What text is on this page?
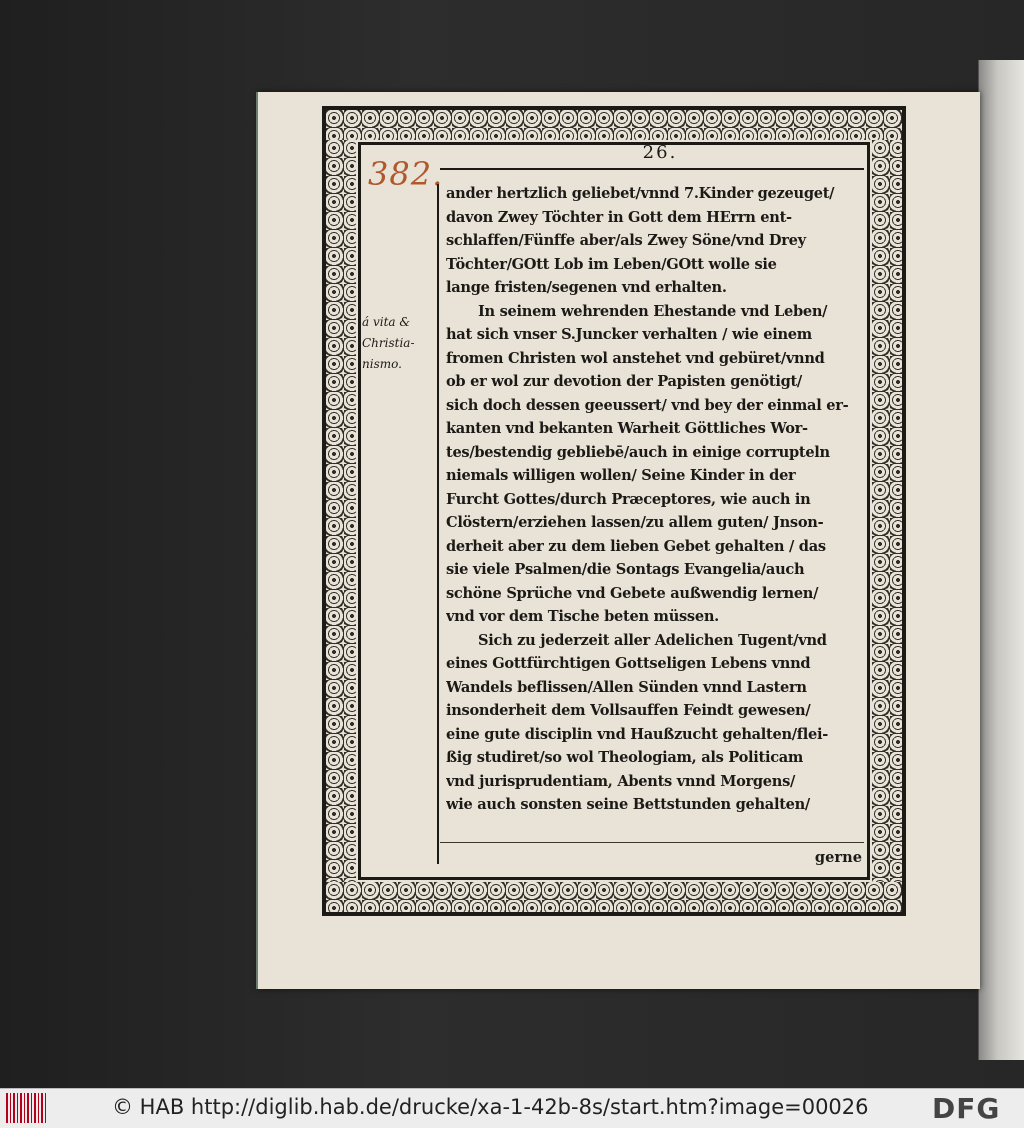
26.
382.
á vita &
Christia-
nismo.
ander hertzlich geliebet/vnnd 7.Kinder gezeuget/
davon Zwey Töchter in Gott dem HErrn ent-
schlaffen/Fünffe aber/als Zwey Söne/vnd Drey
Töchter/GOtt Lob im Leben/GOtt wolle sie
lange fristen/segenen vnd erhalten.
In seinem wehrenden Ehestande vnd Leben/
hat sich vnser S.Juncker verhalten / wie einem
fromen Christen wol anstehet vnd gebüret/vnnd
ob er wol zur devotion der Papisten genötigt/
sich doch dessen geeussert/ vnd bey der einmal er-
kanten vnd bekanten Warheit Göttliches Wor-
tes/bestendig gebliebē/auch in einige corrupteln
niemals willigen wollen/ Seine Kinder in der
Furcht Gottes/durch Præceptores, wie auch in
Clöstern/erziehen lassen/zu allem guten/ Jnson-
derheit aber zu dem lieben Gebet gehalten / das
sie viele Psalmen/die Sontags Evangelia/auch
schöne Sprüche vnd Gebete außwendig lernen/
vnd vor dem Tische beten müssen.
Sich zu jederzeit aller Adelichen Tugent/vnd
eines Gottfürchtigen Gottseligen Lebens vnnd
Wandels beflissen/Allen Sünden vnnd Lastern
insonderheit dem Vollsauffen Feindt gewesen/
eine gute disciplin vnd Haußzucht gehalten/flei-
ßig studiret/so wol Theologiam, als Politicam
vnd jurisprudentiam, Abents vnnd Morgens/
wie auch sonsten seine Bettstunden gehalten/
gerne
© HAB http://diglib.hab.de/drucke/xa-1-42b-8s/start.htm?image=00026 DFG
